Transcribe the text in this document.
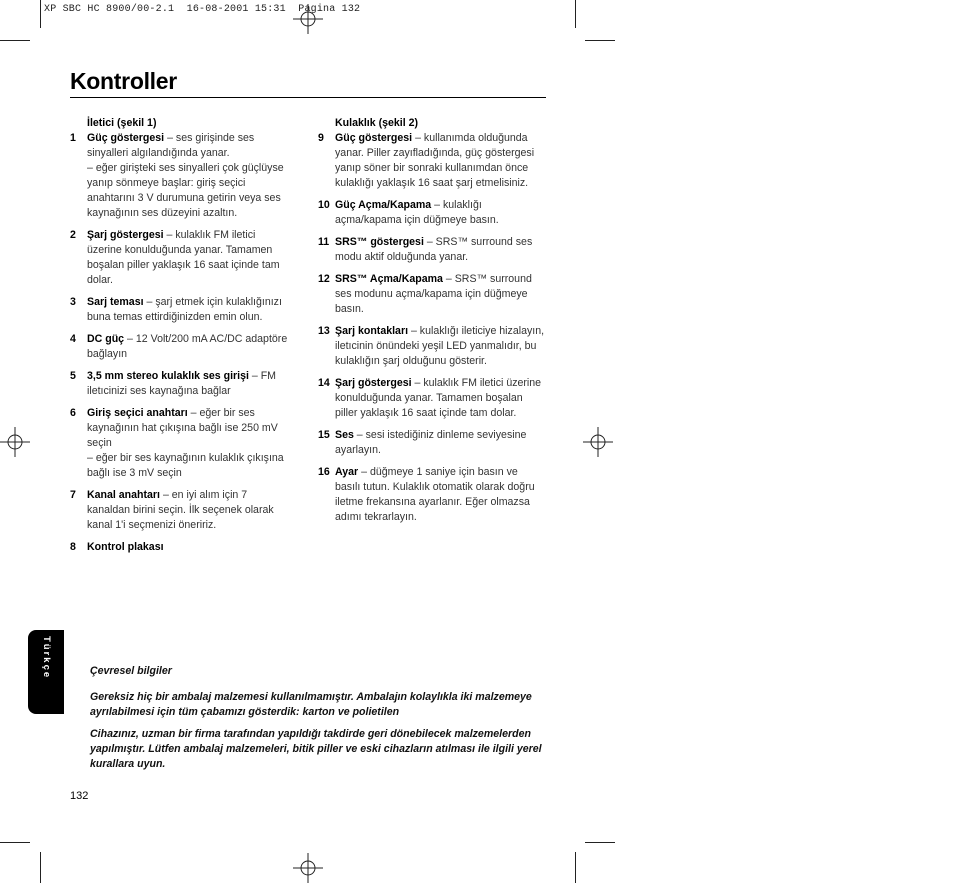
XP SBC HC 8900/00-2.1  16-08-2001 15:31  Pagina 132
Kontroller
İletici (şekil 1)
1 Güç göstergesi – ses girişinde ses sinyalleri algılandığında yanar.
– eğer girişteki ses sinyalleri çok güçlüyse yanıp sönmeye başlar: giriş seçici anahtarını 3 V durumuna getirin veya ses kaynağının ses düzeyini azaltın.
2 Şarj göstergesi – kulaklık FM iletici üzerine konulduğunda yanar. Tamamen boşalan piller yaklaşık 16 saat içinde tam dolar.
3 Sarj teması – şarj etmek için kulaklığınızı buna temas ettirdiğinizden emin olun.
4 DC güç – 12 Volt/200 mA AC/DC adaptöre bağlayın
5 3,5 mm stereo kulaklık ses girişi – FM iletıcinizi ses kaynağına bağlar
6 Giriş seçici anahtarı – eğer bir ses kaynağının hat çıkışına bağlı ise 250 mV seçin
– eğer bir ses kaynağının kulaklık çıkışına bağlı ise 3 mV seçin
7 Kanal anahtarı – en iyi alım için 7 kanaldan birini seçin. İlk seçenek olarak kanal 1'i seçmenizi öneririz.
8 Kontrol plakası
Kulaklık (şekil 2)
9 Güç göstergesi – kullanımda olduğunda yanar. Piller zayıfladığında, güç göstergesi yanıp söner bir sonraki kullanımdan önce kulaklığı yaklaşık 16 saat şarj etmelisiniz.
10 Güç Açma/Kapama – kulaklığı açma/kapama için düğmeye basın.
11 SRS™ göstergesi – SRS™ surround ses modu aktif olduğunda yanar.
12 SRS™ Açma/Kapama – SRS™ surround ses modunu açma/kapama için düğmeye basın.
13 Şarj kontakları – kulaklığı ileticiye hizalayın, iletıcinin önündeki yeşil LED yanmalıdır, bu kulaklığın şarj olduğunu gösterir.
14 Şarj göstergesi – kulaklık FM iletici üzerine konulduğunda yanar. Tamamen boşalan piller yaklaşık 16 saat içinde tam dolar.
15 Ses – sesi istediğiniz dinleme seviyesine ayarlayın.
16 Ayar – düğmeye 1 saniye için basın ve basılı tutun. Kulaklık otomatik olarak doğru iletme frekansına ayarlanır. Eğer olmazsa adımı tekrarlayın.
Türkçe	Çevresel bilgiler

Gereksiz hiç bir ambalaj malzemesi kullanılmamıştır. Ambalajın kolaylıkla iki malzemeye ayrılabilmesi için tüm çabamızı gösterdik: karton ve polietilen

Cihazınız, uzman bir firma tarafından yapıldığı takdirde geri dönebilecek malzemelerden yapılmıştır. Lütfen ambalaj malzemeleri, bitik piller ve eski cihazların atılması ile ilgili yerel kurallara uyun.

132
